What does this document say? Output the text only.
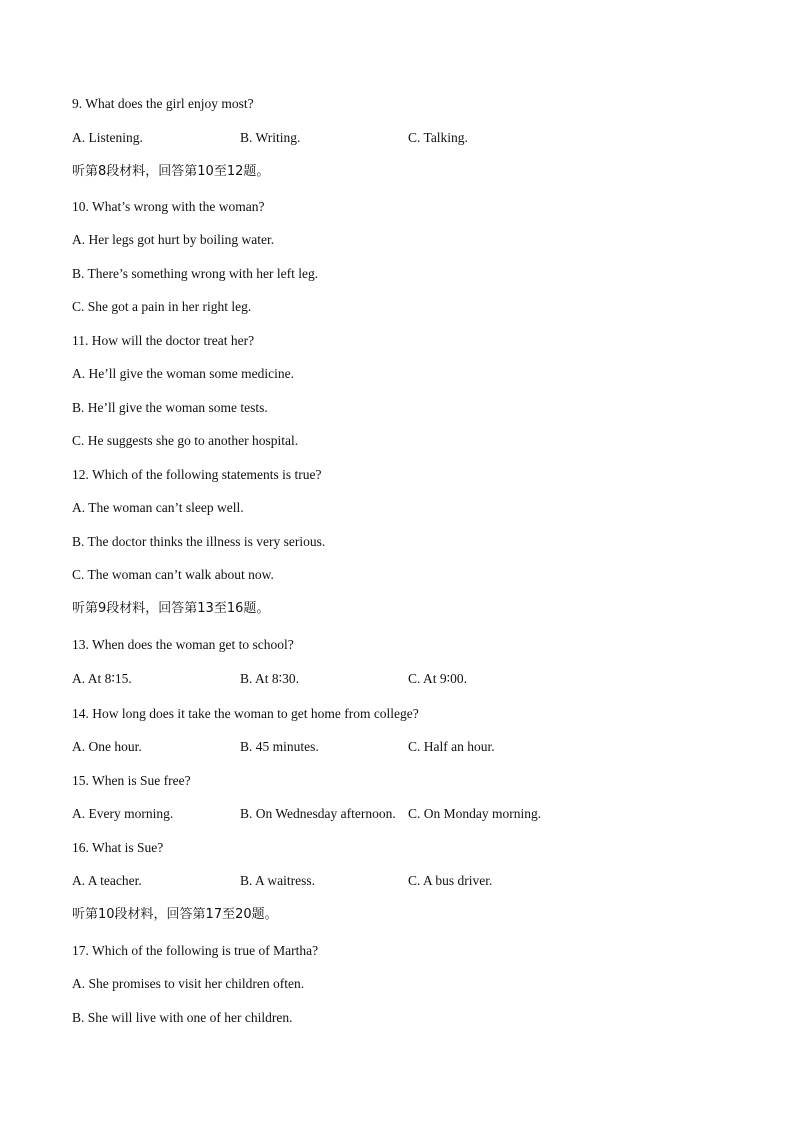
9. What does the girl enjoy most?
A. Listening.	B. Writing.	C. Talking.
听第8段材料，回答第10至12题。
10. What’s wrong with the woman?
A. Her legs got hurt by boiling water.
B. There’s something wrong with her left leg.
C. She got a pain in her right leg.
11. How will the doctor treat her?
A. He’ll give the woman some medicine.
B. He’ll give the woman some tests.
C. He suggests she go to another hospital.
12. Which of the following statements is true?
A. The woman can’t sleep well.
B. The doctor thinks the illness is very serious.
C. The woman can’t walk about now.
听第9段材料，回答第13至16题。
13. When does the woman get to school?
A. At 8∶15.	B. At 8∶30.	C. At 9∶00.
14. How long does it take the woman to get home from college?
A. One hour.	B. 45 minutes.	C. Half an hour.
15. When is Sue free?
A. Every morning.	B. On Wednesday afternoon. C. On Monday morning.
16. What is Sue?
A. A teacher.	B. A waitress.	C. A bus driver.
听第10段材料，回答第17至20题。
17. Which of the following is true of Martha?
A. She promises to visit her children often.
B. She will live with one of her children.
